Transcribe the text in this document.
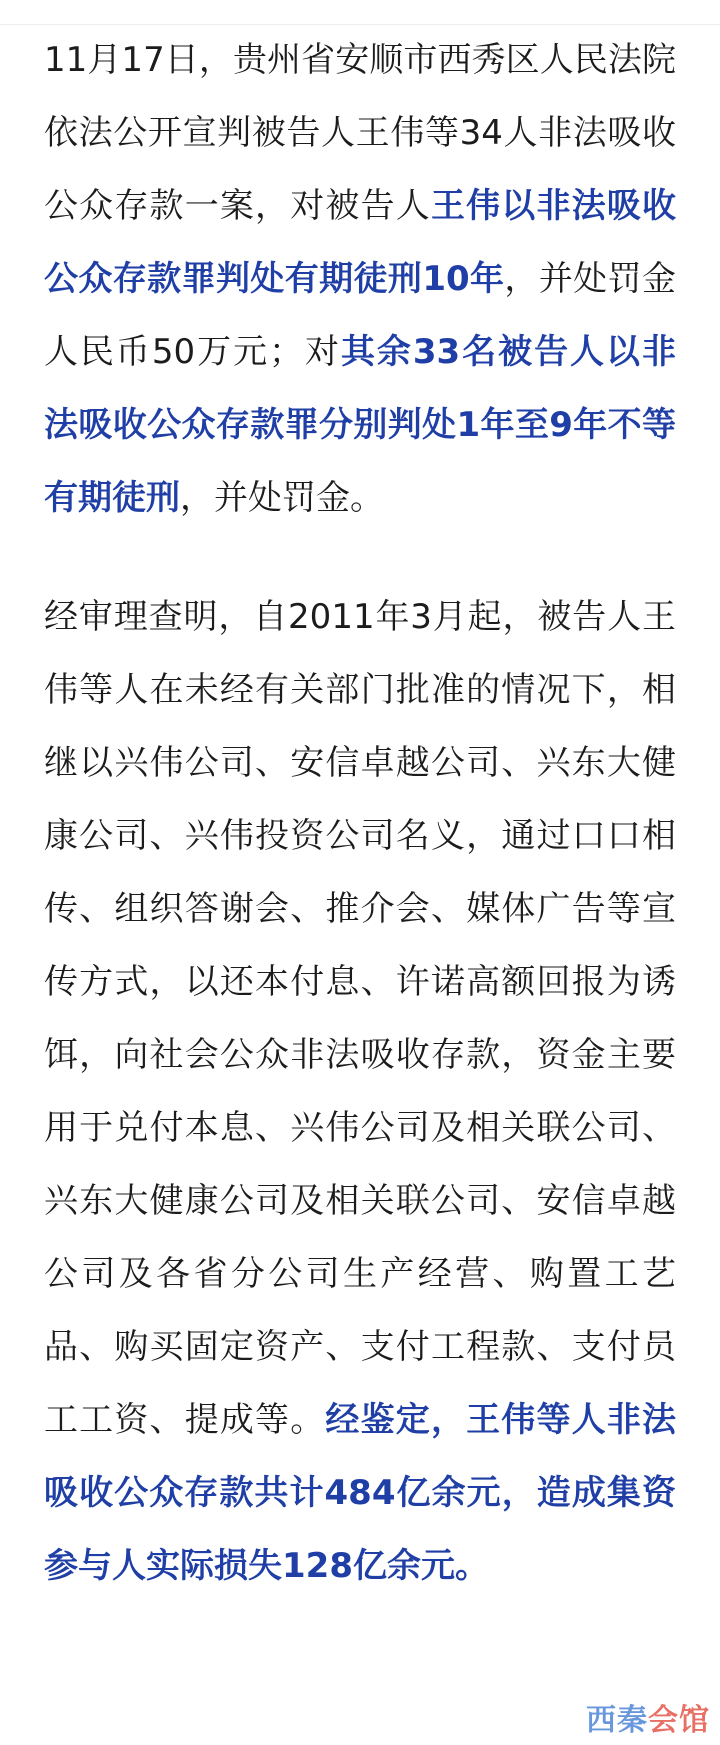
11月17日，贵州省安顺市西秀区人民法院依法公开宣判被告人王伟等34人非法吸收公众存款一案，对被告人王伟以非法吸收公众存款罪判处有期徒刑10年，并处罚金人民币50万元；对其余33名被告人以非法吸收公众存款罪分别判处1年至9年不等有期徒刑，并处罚金。

经审理查明，自2011年3月起，被告人王伟等人在未经有关部门批准的情况下，相继以兴伟公司、安信卓越公司、兴东大健康公司、兴伟投资公司名义，通过口口相传、组织答谢会、推介会、媒体广告等宣传方式，以还本付息、许诺高额回报为诱饵，向社会公众非法吸收存款，资金主要用于兑付本息、兴伟公司及相关联公司、兴东大健康公司及相关联公司、安信卓越公司及各省分公司生产经营、购置工艺品、购买固定资产、支付工程款、支付员工工资、提成等。经鉴定，王伟等人非法吸收公众存款共计484亿余元，造成集资参与人实际损失128亿余元。

西秦会馆
